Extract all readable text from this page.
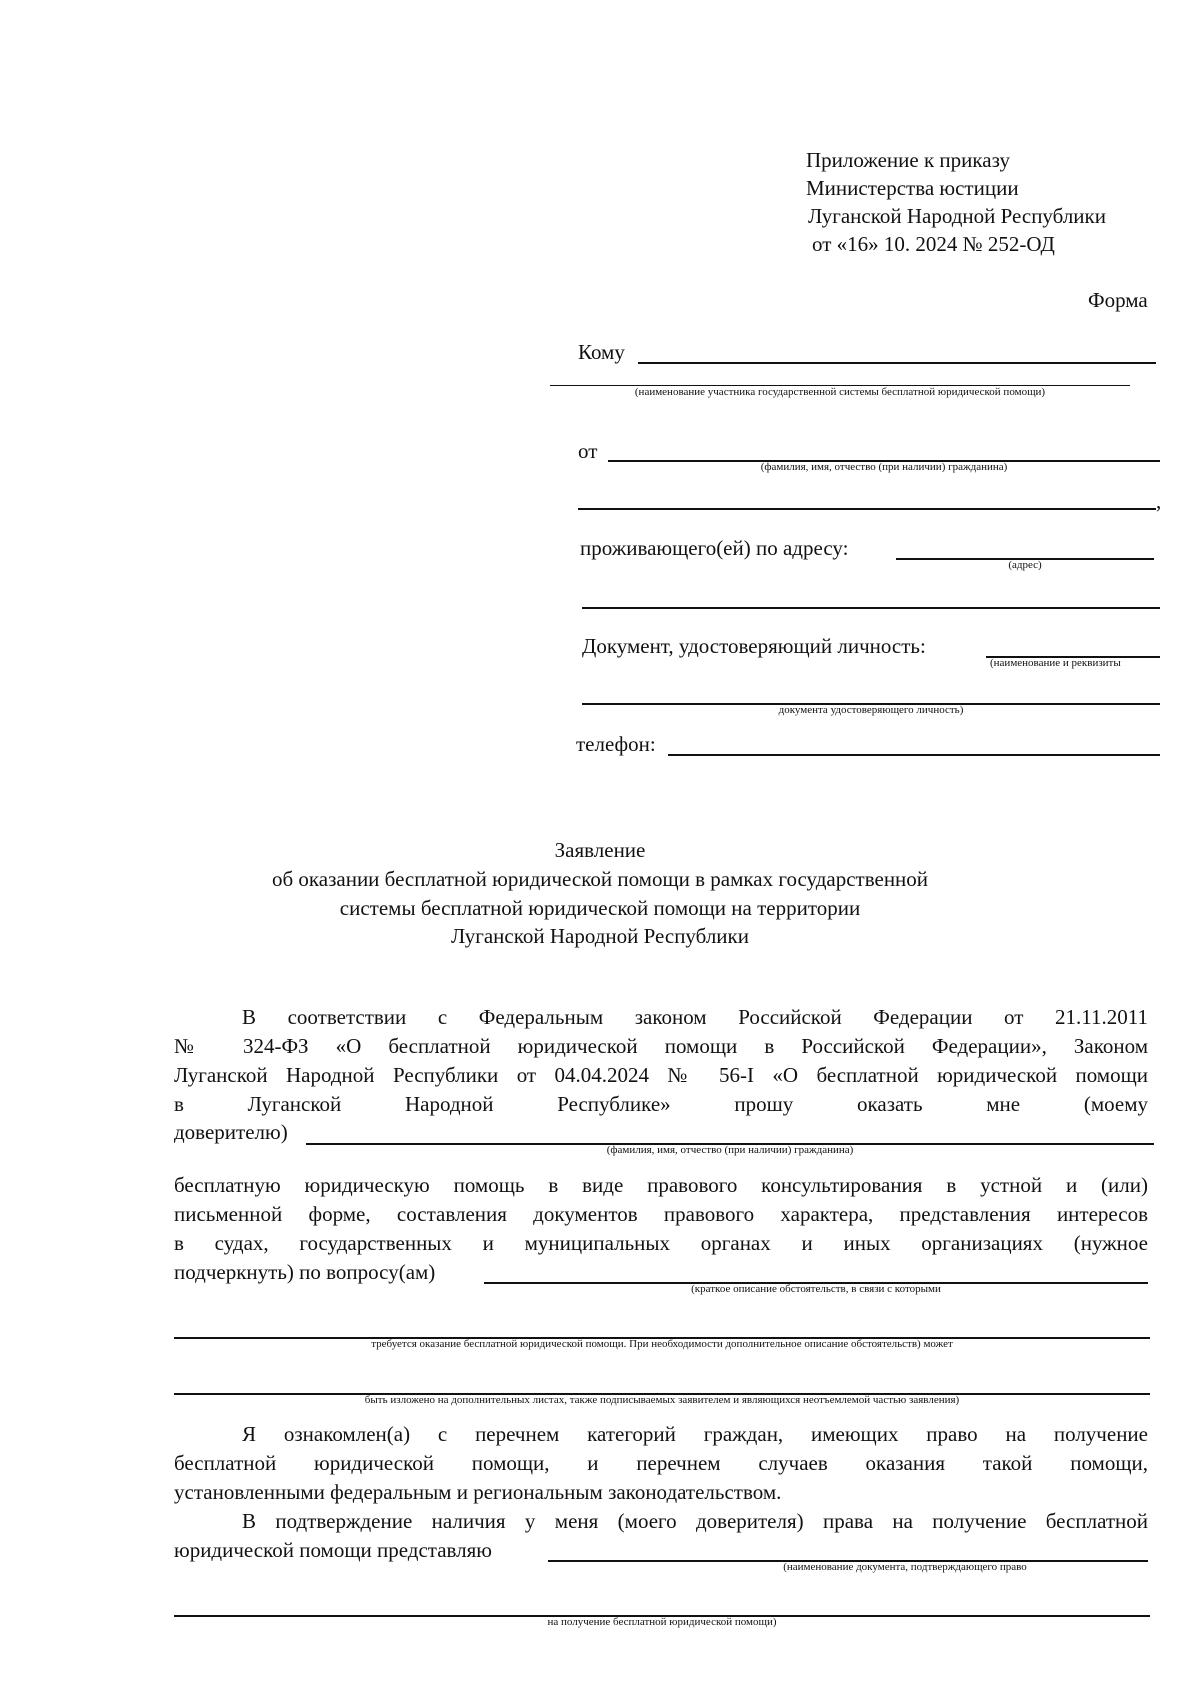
Приложение к приказу
Министерства юстиции
Луганской Народной Республики
от «16» 10. 2024 № 252-ОД
Форма
Кому
(наименование участника государственной системы бесплатной юридической помощи)
от
(фамилия, имя, отчество (при наличии) гражданина)
,
проживающего(ей) по адресу:
(адрес)
Документ, удостоверяющий личность:
(наименование и реквизиты
документа удостоверяющего личность)
телефон:
Заявление
об оказании бесплатной юридической помощи в рамках государственной
системы бесплатной юридической помощи на территории
Луганской Народной Республики
В соответствии с Федеральным законом Российской Федерации от 21.11.2011
№ 324-ФЗ «О бесплатной юридической помощи в Российской Федерации», Законом
Луганской Народной Республики от 04.04.2024 № 56-I «О бесплатной юридической помощи
в Луганской Народной Республике» прошу оказать мне (моему
доверителю)
(фамилия, имя, отчество (при наличии) гражданина)
бесплатную юридическую помощь в виде правового консультирования в устной и (или)
письменной форме, составления документов правового характера, представления интересов
в судах, государственных и муниципальных органах и иных организациях (нужное
подчеркнуть) по вопросу(ам)
(краткое описание обстоятельств, в связи с которыми
требуется оказание бесплатной юридической помощи. При необходимости дополнительное описание обстоятельств) может
быть изложено на дополнительных листах, также подписываемых заявителем и являющихся неотъемлемой частью заявления)
Я ознакомлен(а) с перечнем категорий граждан, имеющих право на получение
бесплатной юридической помощи, и перечнем случаев оказания такой помощи,
установленными федеральным и региональным законодательством.
В подтверждение наличия у меня (моего доверителя) права на получение бесплатной
юридической помощи представляю
(наименование документа, подтверждающего право
на получение бесплатной юридической помощи)
